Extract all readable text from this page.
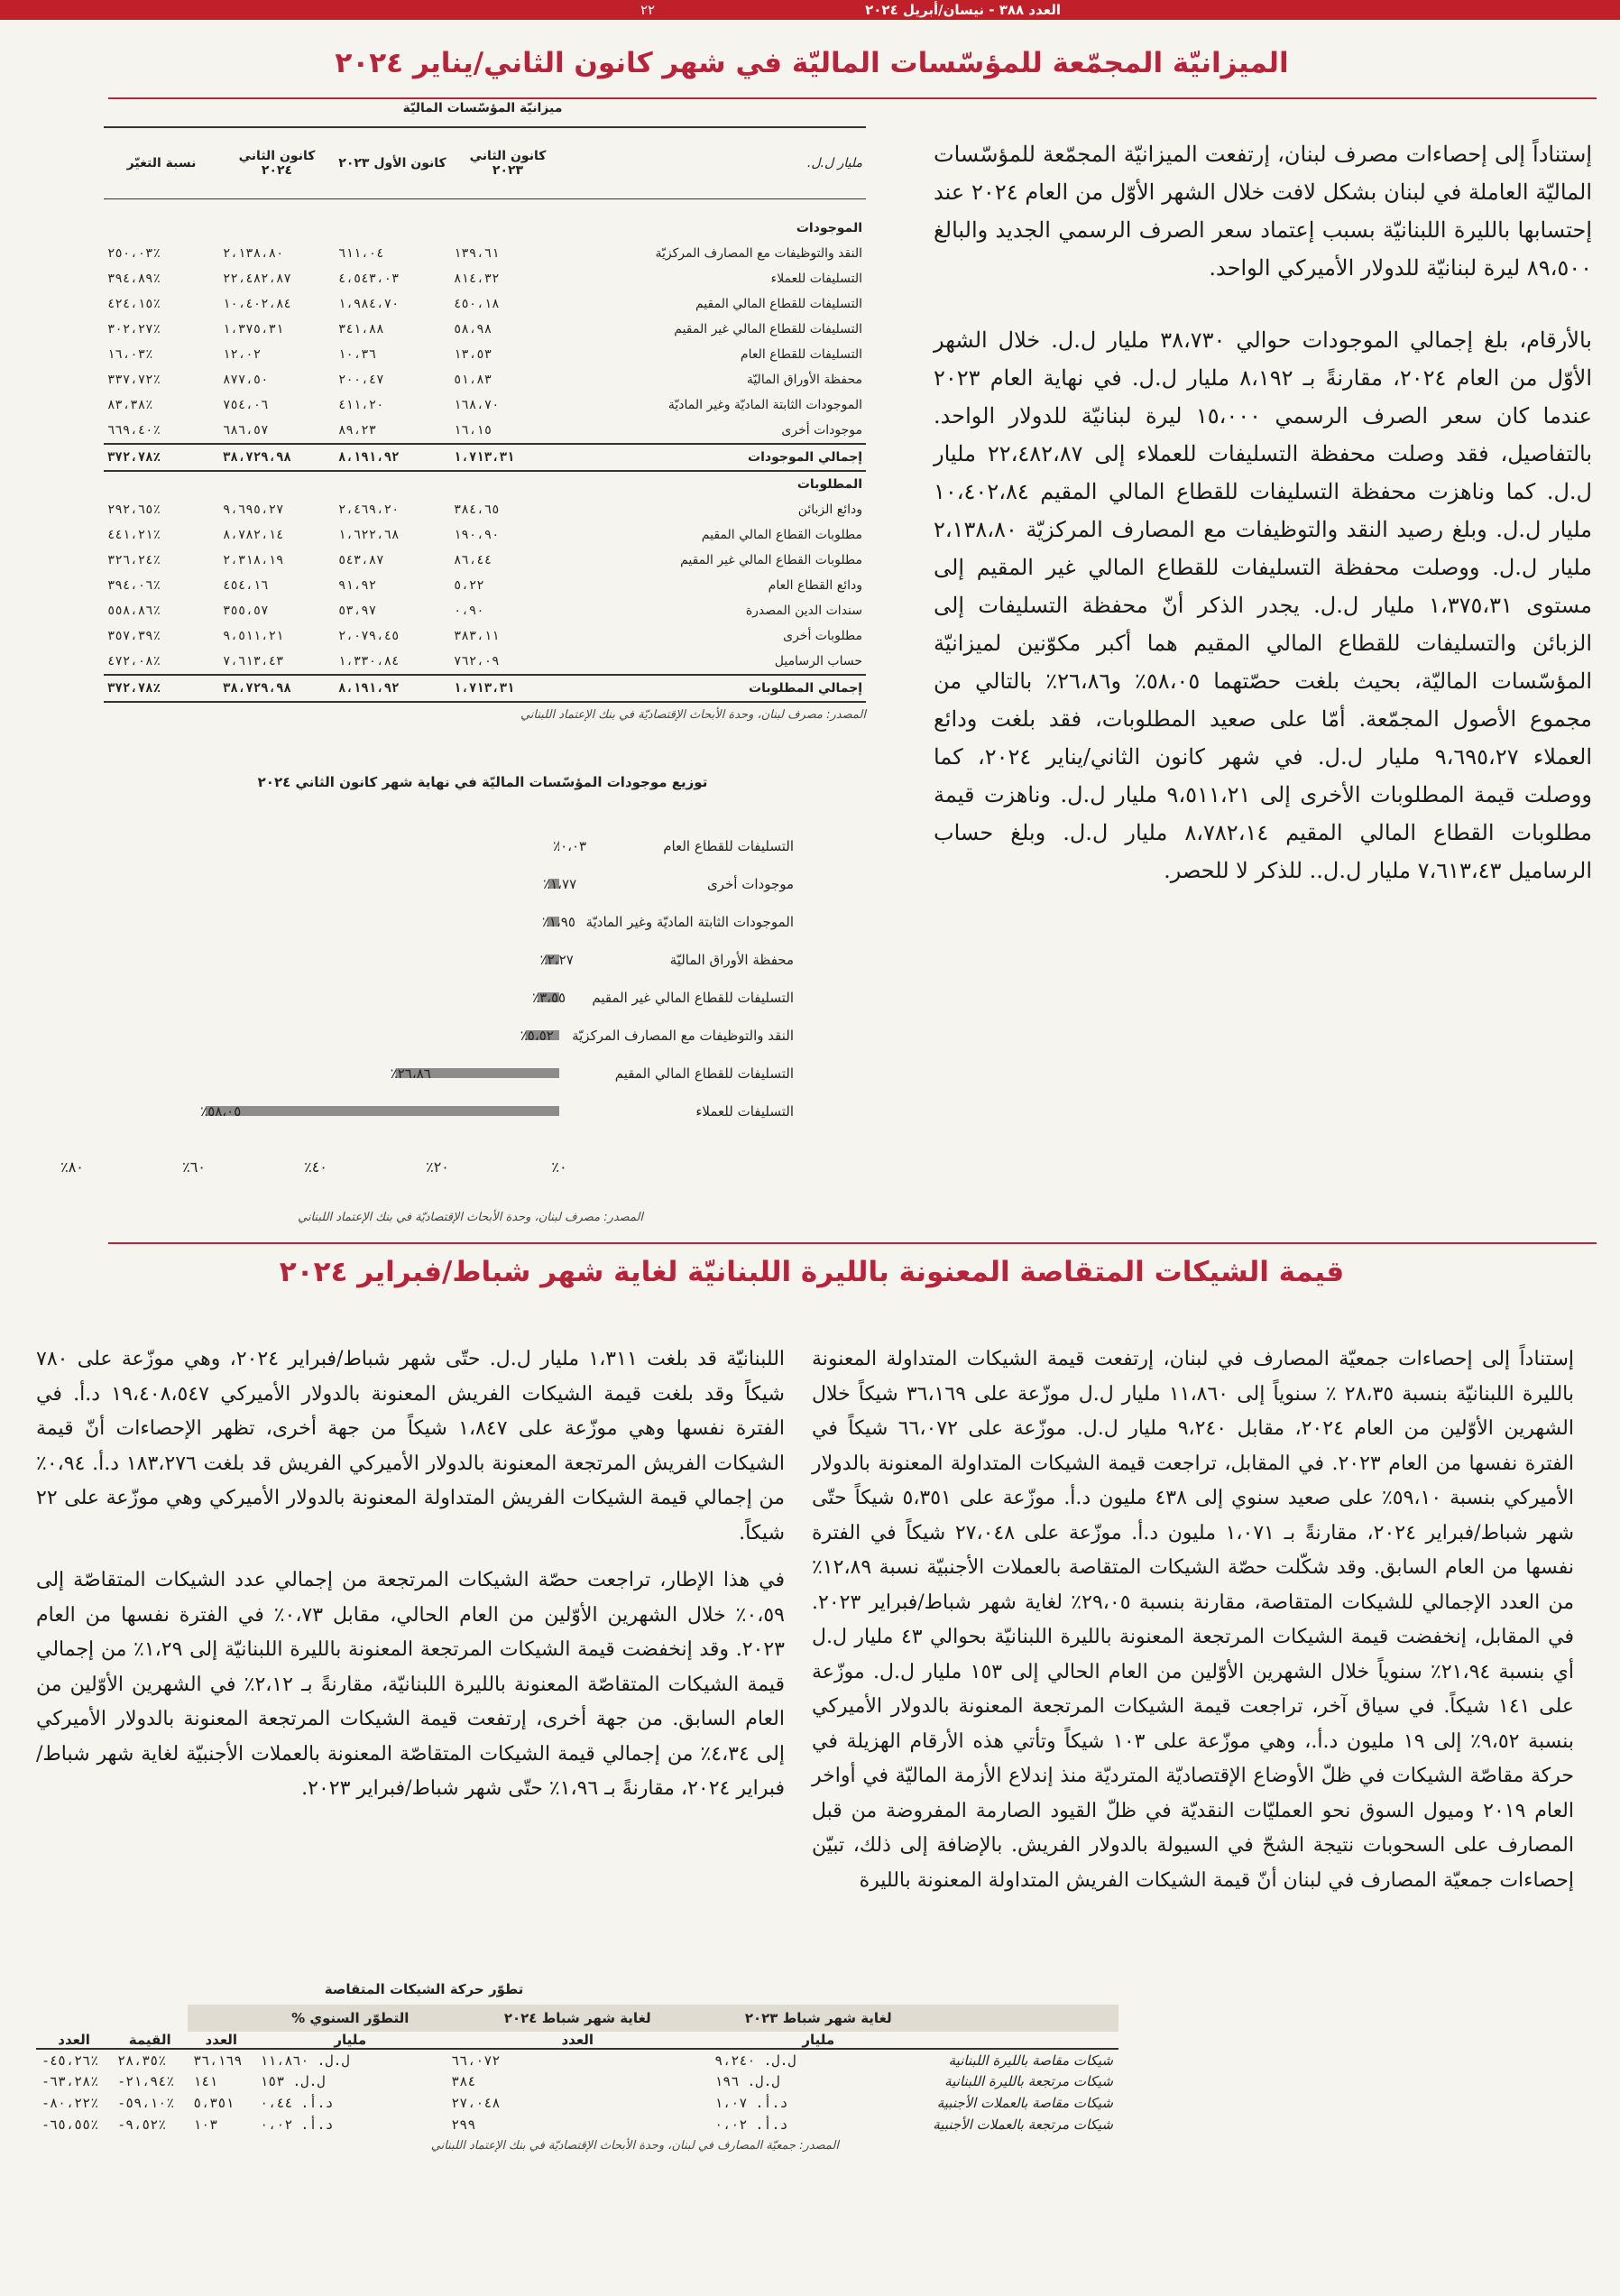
العدد ٣٨٨ - نيسان/أبريل ٢٠٢٤
٢٢
الميزانيّة المجمّعة للمؤسّسات الماليّة في شهر كانون الثاني/يناير ٢٠٢٤

إستناداً إلى إحصاءات مصرف لبنان، إرتفعت الميزانيّة المجمّعة للمؤسّسات الماليّة العاملة في لبنان بشكل لافت خلال الشهر الأوّل من العام ٢٠٢٤ عند إحتسابها بالليرة اللبنانيّة بسبب إعتماد سعر الصرف الرسمي الجديد والبالغ ٨٩،٥٠٠ ليرة لبنانيّة للدولار الأميركي الواحد.

بالأرقام، بلغ إجمالي الموجودات حوالي ٣٨،٧٣٠ مليار ل.ل. خلال الشهر الأوّل من العام ٢٠٢٤، مقارنةً بـ ٨،١٩٢ مليار ل.ل. في نهاية العام ٢٠٢٣ عندما كان سعر الصرف الرسمي ١٥،٠٠٠ ليرة لبنانيّة للدولار الواحد. بالتفاصيل، فقد وصلت محفظة التسليفات للعملاء إلى ٢٢،٤٨٢،٨٧ مليار ل.ل. كما وناهزت محفظة التسليفات للقطاع المالي المقيم ١٠،٤٠٢،٨٤ مليار ل.ل. وبلغ رصيد النقد والتوظيفات مع المصارف المركزيّة ٢،١٣٨،٨٠ مليار ل.ل. ووصلت محفظة التسليفات للقطاع المالي غير المقيم إلى مستوى ١،٣٧٥،٣١ مليار ل.ل. يجدر الذكر أنّ محفظة التسليفات إلى الزبائن والتسليفات للقطاع المالي المقيم هما أكبر مكوّنين لميزانيّة المؤسّسات الماليّة، بحيث بلغت حصّتهما ٥٨،٠٥٪ و٢٦،٨٦٪ بالتالي من مجموع الأصول المجمّعة. أمّا على صعيد المطلوبات، فقد بلغت ودائع العملاء ٩،٦٩٥،٢٧ مليار ل.ل. في شهر كانون الثاني/يناير ٢٠٢٤، كما ووصلت قيمة المطلوبات الأخرى إلى ٩،٥١١،٢١ مليار ل.ل. وناهزت قيمة مطلوبات القطاع المالي المقيم ٨،٧٨٢،١٤ مليار ل.ل. وبلغ حساب الرساميل ٧،٦١٣،٤٣ مليار ل.ل.. للذكر لا للحصر.

ميزانيّة المؤسّسات الماليّة
مليار ل.ل.	كانون الثاني ٢٠٢٣	كانون الأول ٢٠٢٣	كانون الثاني ٢٠٢٤	نسبة التغيّر
الموجودات				
النقد والتوظيفات مع المصارف المركزيّة	١٣٩،٦١	٦١١،٠٤	٢،١٣٨،٨٠	٢٥٠،٠٣٪
التسليفات للعملاء	٨١٤،٣٢	٤،٥٤٣،٠٣	٢٢،٤٨٢،٨٧	٣٩٤،٨٩٪
التسليفات للقطاع المالي المقيم	٤٥٠،١٨	١،٩٨٤،٧٠	١٠،٤٠٢،٨٤	٤٢٤،١٥٪
التسليفات للقطاع المالي غير المقيم	٥٨،٩٨	٣٤١،٨٨	١،٣٧٥،٣١	٣٠٢،٢٧٪
التسليفات للقطاع العام	١٣،٥٣	١٠،٣٦	١٢،٠٢	١٦،٠٣٪
محفظة الأوراق الماليّة	٥١،٨٣	٢٠٠،٤٧	٨٧٧،٥٠	٣٣٧،٧٢٪
الموجودات الثابتة الماديّة وغير الماديّة	١٦٨،٧٠	٤١١،٢٠	٧٥٤،٠٦	٨٣،٣٨٪
موجودات أخرى	١٦،١٥	٨٩،٢٣	٦٨٦،٥٧	٦٦٩،٤٠٪
إجمالي الموجودات	١،٧١٣،٣١	٨،١٩١،٩٢	٣٨،٧٢٩،٩٨	٣٧٢،٧٨٪
المطلوبات				
ودائع الزبائن	٣٨٤،٦٥	٢،٤٦٩،٢٠	٩،٦٩٥،٢٧	٢٩٢،٦٥٪
مطلوبات القطاع المالي المقيم	١٩٠،٩٠	١،٦٢٢،٦٨	٨،٧٨٢،١٤	٤٤١،٢١٪
مطلوبات القطاع المالي غير المقيم	٨٦،٤٤	٥٤٣،٨٧	٢،٣١٨،١٩	٣٢٦،٢٤٪
ودائع القطاع العام	٥،٢٢	٩١،٩٢	٤٥٤،١٦	٣٩٤،٠٦٪
سندات الدين المصدرة	٠،٩٠	٥٣،٩٧	٣٥٥،٥٧	٥٥٨،٨٦٪
مطلوبات أخرى	٣٨٣،١١	٢،٠٧٩،٤٥	٩،٥١١،٢١	٣٥٧،٣٩٪
حساب الرساميل	٧٦٢،٠٩	١،٣٣٠،٨٤	٧،٦١٣،٤٣	٤٧٢،٠٨٪
إجمالي المطلوبات	١،٧١٣،٣١	٨،١٩١،٩٢	٣٨،٧٢٩،٩٨	٣٧٢،٧٨٪
المصدر: مصرف لبنان، وحدة الأبحاث الإقتصاديّة في بنك الإعتماد اللبناني
توزيع موجودات المؤسّسات الماليّة في نهاية شهر كانون الثاني ٢٠٢٤
٠،٠٣٪	التسليفات للقطاع العام
١،٧٧٪	موجودات أخرى
١،٩٥٪ الموجودات الثابتة الماديّة وغير الماديّة
٢،٢٧٪	محفظة الأوراق الماليّة
٣،٥٥٪ التسليفات للقطاع المالي غير المقيم
٥،٥٢٪ النقد والتوظيفات مع المصارف المركزيّة
٢٦،٨٦٪	التسليفات للقطاع المالي المقيم
٥٨،٠٥٪	التسليفات للعملاء
٠٪
٢٠٪
٤٠٪
٦٠٪
٨٠٪
المصدر: مصرف لبنان، وحدة الأبحاث الإقتصاديّة في بنك الإعتماد اللبناني
قيمة الشيكات المتقاصة المعنونة بالليرة اللبنانيّة لغاية شهر شباط/فبراير ٢٠٢٤

إستناداً إلى إحصاءات جمعيّة المصارف في لبنان، إرتفعت قيمة الشيكات المتداولة المعنونة بالليرة اللبنانيّة بنسبة ٢٨،٣٥ ٪ سنوياً إلى ١١،٨٦٠ مليار ل.ل موزّعة على ٣٦،١٦٩ شيكاً خلال الشهرين الأوّلين من العام ٢٠٢٤، مقابل ٩،٢٤٠ مليار ل.ل. موزّعة على ٦٦،٠٧٢ شيكاً في الفترة نفسها من العام ٢٠٢٣. في المقابل، تراجعت قيمة الشيكات المتداولة المعنونة بالدولار الأميركي بنسبة ٥٩،١٠٪ على صعيد سنوي إلى ٤٣٨ مليون د.أ. موزّعة على ٥،٣٥١ شيكاً حتّى شهر شباط/فبراير ٢٠٢٤، مقارنةً بـ ١،٠٧١ مليون د.أ. موزّعة على ٢٧،٠٤٨ شيكاً في الفترة نفسها من العام السابق. وقد شكّلت حصّة الشيكات المتقاصة بالعملات الأجنبيّة نسبة ١٢،٨٩٪ من العدد الإجمالي للشيكات المتقاصة، مقارنة بنسبة ٢٩،٠٥٪ لغاية شهر شباط/فبراير ٢٠٢٣. في المقابل، إنخفضت قيمة الشيكات المرتجعة المعنونة بالليرة اللبنانيّة بحوالي ٤٣ مليار ل.ل أي بنسبة ٢١،٩٤٪ سنوياً خلال الشهرين الأوّلين من العام الحالي إلى ١٥٣ مليار ل.ل. موزّعة على ١٤١ شيكاً. في سياق آخر، تراجعت قيمة الشيكات المرتجعة المعنونة بالدولار الأميركي بنسبة ٩،٥٢٪ إلى ١٩ مليون د.أ.، وهي موزّعة على ١٠٣ شيكاً وتأتي هذه الأرقام الهزيلة في حركة مقاصّة الشيكات في ظلّ الأوضاع الإقتصاديّة المترديّة منذ إندلاع الأزمة الماليّة في أواخر العام ٢٠١٩ وميول السوق نحو العمليّات النقديّة في ظلّ القيود الصارمة المفروضة من قبل المصارف على السحوبات نتيجة الشحّ في السيولة بالدولار الفريش. بالإضافة إلى ذلك، تبيّن إحصاءات جمعيّة المصارف في لبنان أنّ قيمة الشيكات الفريش المتداولة المعنونة بالليرة

اللبنانيّة قد بلغت ١،٣١١ مليار ل.ل. حتّى شهر شباط/فبراير ٢٠٢٤، وهي موزّعة على ٧٨٠ شيكاً وقد بلغت قيمة الشيكات الفريش المعنونة بالدولار الأميركي ١٩،٤٠٨،٥٤٧ د.أ. في الفترة نفسها وهي موزّعة على ١،٨٤٧ شيكاً من جهة أخرى، تظهر الإحصاءات أنّ قيمة الشيكات الفريش المرتجعة المعنونة بالدولار الأميركي الفريش قد بلغت ١٨٣،٢٧٦ د.أ. ٠،٩٤٪ من إجمالي قيمة الشيكات الفريش المتداولة المعنونة بالدولار الأميركي وهي موزّعة على ٢٢ شيكاً.

في هذا الإطار، تراجعت حصّة الشيكات المرتجعة من إجمالي عدد الشيكات المتقاصّة إلى ٠،٥٩٪ خلال الشهرين الأوّلين من العام الحالي، مقابل ٠،٧٣٪ في الفترة نفسها من العام ٢٠٢٣. وقد إنخفضت قيمة الشيكات المرتجعة المعنونة بالليرة اللبنانيّة إلى ١،٢٩٪ من إجمالي قيمة الشيكات المتقاصّة المعنونة بالليرة اللبنانيّة، مقارنةً بـ ٢،١٢٪ في الشهرين الأوّلين من العام السابق. من جهة أخرى، إرتفعت قيمة الشيكات المرتجعة المعنونة بالدولار الأميركي إلى ٤،٣٤٪ من إجمالي قيمة الشيكات المتقاصّة المعنونة بالعملات الأجنبيّة لغاية شهر شباط/فبراير ٢٠٢٤، مقارنةً بـ ١،٩٦٪ حتّى شهر شباط/فبراير ٢٠٢٣.

تطوّر حركة الشيكات المتقاصة
	لغاية شهر شباط ٢٠٢٣	لغاية شهر شباط ٢٠٢٤	التطوّر السنوي %			
	مليار	العدد	مليار	العدد	القيمة	العدد
شيكات مقاصة بالليرة اللبنانية	ل.ل. ٩،٢٤٠	٦٦،٠٧٢	ل.ل. ١١،٨٦٠	٣٦،١٦٩	٢٨،٣٥٪	-٤٥،٢٦٪
شيكات مرتجعة بالليرة اللبنانية	ل.ل. ١٩٦	٣٨٤	ل.ل. ١٥٣	١٤١	-٢١،٩٤٪	-٦٣،٢٨٪
شيكات مقاصة بالعملات الأجنبية	د.أ. ١،٠٧	٢٧،٠٤٨	د.أ. ٠،٤٤	٥،٣٥١	-٥٩،١٠٪	-٨٠،٢٢٪
شيكات مرتجعة بالعملات الأجنبية	د.أ. ٠،٠٢	٢٩٩	د.أ. ٠،٠٢	١٠٣	-٩،٥٢٪	-٦٥،٥٥٪
المصدر: جمعيّة المصارف في لبنان، وحدة الأبحاث الإقتصاديّة في بنك الإعتماد اللبناني
